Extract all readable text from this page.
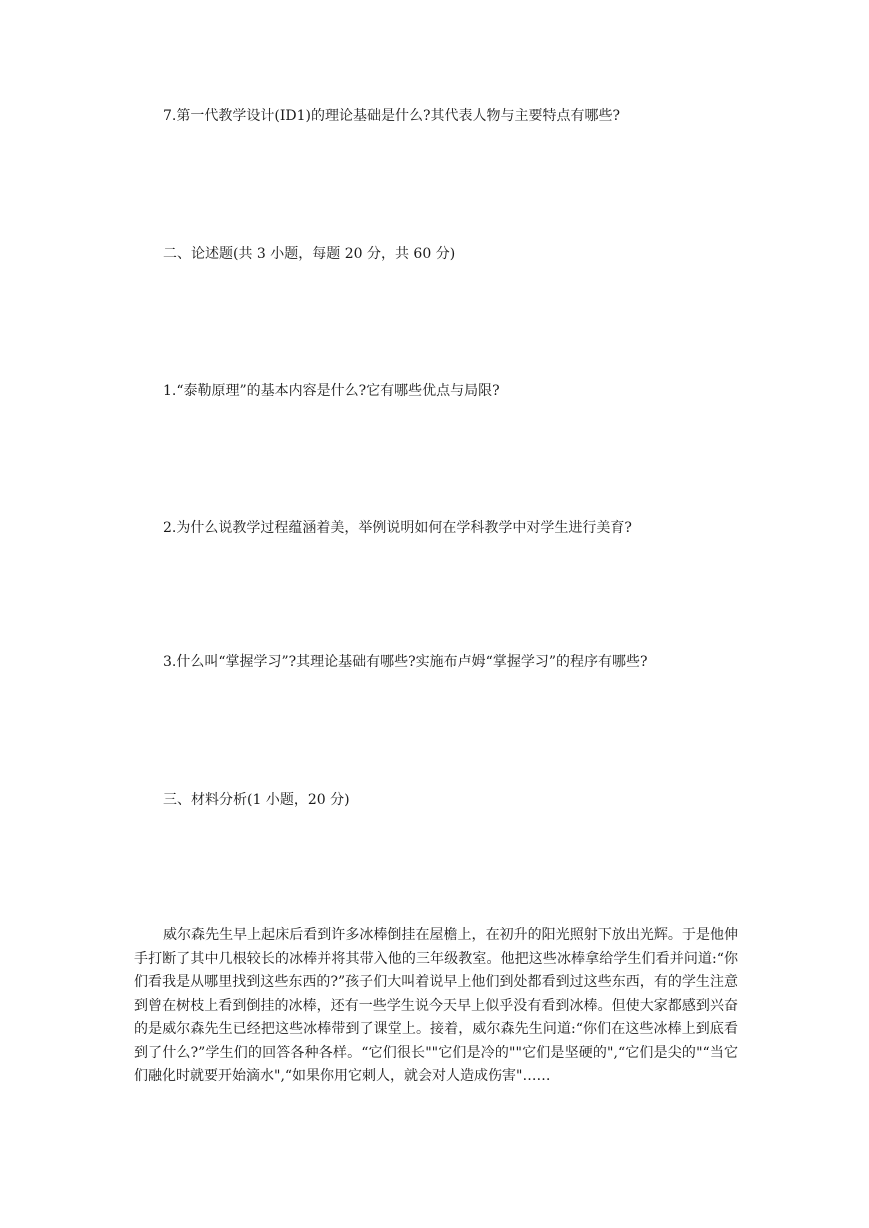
7.第一代教学设计(ID1)的理论基础是什么?其代表人物与主要特点有哪些?

二、论述题(共 3 小题，每题 20 分，共 60 分)

1.“泰勒原理”的基本内容是什么?它有哪些优点与局限?

2.为什么说教学过程蕴涵着美，举例说明如何在学科教学中对学生进行美育?

3.什么叫“掌握学习”?其理论基础有哪些?实施布卢姆“掌握学习”的程序有哪些?

三、材料分析(1 小题，20 分)

威尔森先生早上起床后看到许多冰棒倒挂在屋檐上，在初升的阳光照射下放出光辉。于是他伸手打断了其中几根较长的冰棒并将其带入他的三年级教室。他把这些冰棒拿给学生们看并问道:“你们看我是从哪里找到这些东西的?”孩子们大叫着说早上他们到处都看到过这些东西，有的学生注意到曾在树枝上看到倒挂的冰棒，还有一些学生说今天早上似乎没有看到冰棒。但使大家都感到兴奋的是威尔森先生已经把这些冰棒带到了课堂上。接着，威尔森先生问道:“你们在这些冰棒上到底看到了什么?”学生们的回答各种各样。“它们很长""它们是冷的""它们是坚硬的",“它们是尖的"“当它们融化时就要开始滴水",“如果你用它刺人，就会对人造成伤害"……
